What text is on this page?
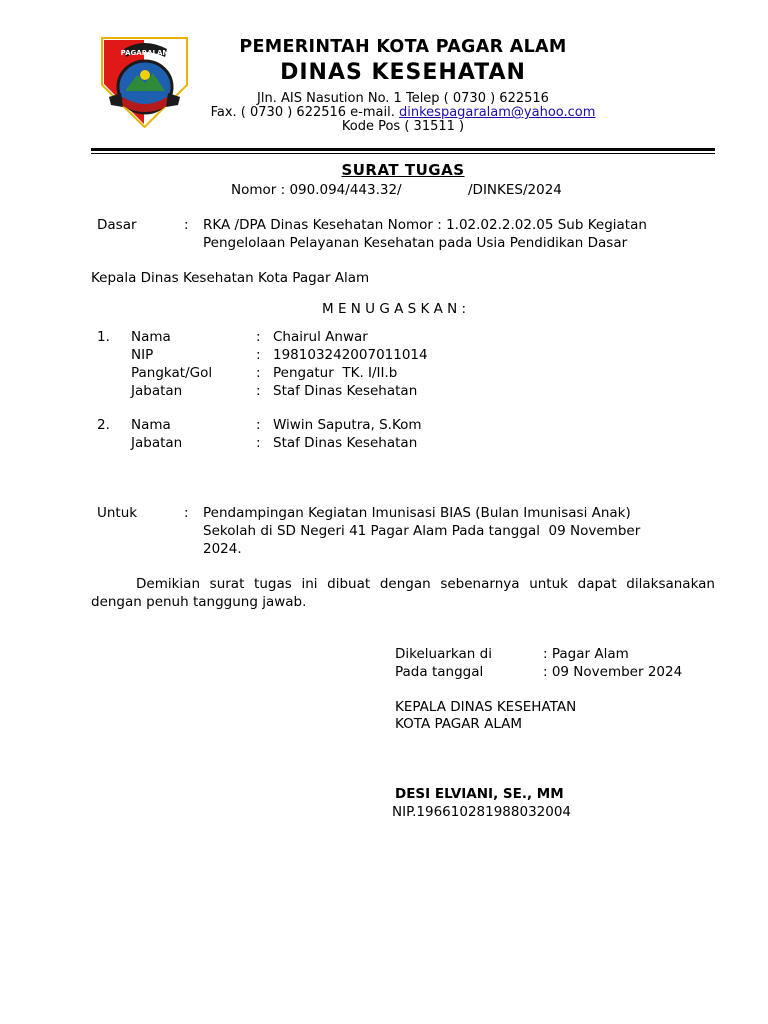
PAGARALAM	PEMERINTAH KOTA PAGAR ALAM
DINAS KESEHATAN
Jln. AIS Nasution No. 1 Telep ( 0730 ) 622516
Fax. ( 0730 ) 622516 e-mail. dinkespagaralam@yahoo.com
Kode Pos ( 31511 )
SURAT TUGAS
Nomor : 090.094/443.32/	/DINKES/2024
Dasar	: RKA /DPA Dinas Kesehatan Nomor : 1.02.02.2.02.05 Sub Kegiatan
Pengelolaan Pelayanan Kesehatan pada Usia Pendidikan Dasar
Kepala Dinas Kesehatan Kota Pagar Alam
M E N U G A S K A N :
1. Nama	: Chairul Anwar
NIP	: 198103242007011014
Pangkat/Gol	: Pengatur  TK. I/II.b
Jabatan	: Staf Dinas Kesehatan
2. Nama	: Wiwin Saputra, S.Kom
Jabatan	: Staf Dinas Kesehatan
Untuk	: Pendampingan Kegiatan Imunisasi BIAS (Bulan Imunisasi Anak)
Sekolah di SD Negeri 41 Pagar Alam Pada tanggal  09 November
2024.
Demikian surat tugas ini dibuat dengan sebenarnya untuk dapat dilaksanakan dengan penuh tanggung jawab.
Dikeluarkan di	: Pagar Alam
Pada tanggal	: 09 November 2024
KEPALA DINAS KESEHATAN
KOTA PAGAR ALAM
DESI ELVIANI, SE., MM
NIP.196610281988032004
